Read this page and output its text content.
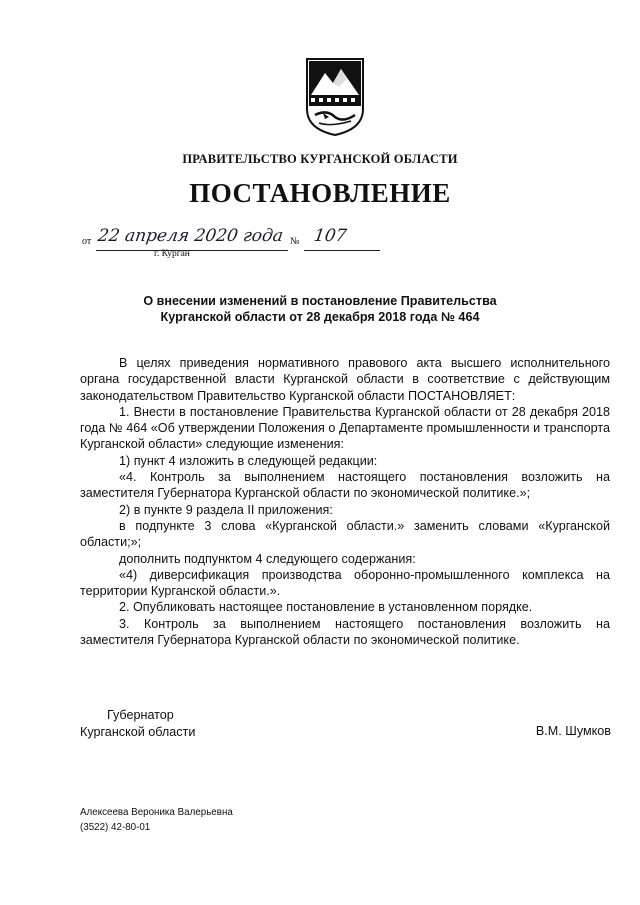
ПРАВИТЕЛЬСТВО КУРГАНСКОЙ ОБЛАСТИ
ПОСТАНОВЛЕНИЕ
от 22 апреля 2020 года № 107
г. Курган
О внесении изменений в постановление Правительства
Курганской области от 28 декабря 2018 года № 464

В целях приведения нормативного правового акта высшего исполнительного органа государственной власти Курганской области в соответствие с действующим законодательством Правительство Курганской области ПОСТАНОВЛЯЕТ:

1. Внести в постановление Правительства Курганской области от 28 декабря 2018 года № 464 «Об утверждении Положения о Департаменте промышленности и транспорта Курганской области» следующие изменения:

1) пункт 4 изложить в следующей редакции:

«4. Контроль за выполнением настоящего постановления возложить на заместителя Губернатора Курганской области по экономической политике.»;

2) в пункте 9 раздела II приложения:

в подпункте 3 слова «Курганской области.» заменить словами «Курганской области;»;

дополнить подпунктом 4 следующего содержания:

«4) диверсификация производства оборонно-промышленного комплекса на территории Курганской области.».

2. Опубликовать настоящее постановление в установленном порядке.

3. Контроль за выполнением настоящего постановления возложить на заместителя Губернатора Курганской области по экономической политике.

Губернатор
Курганской области	В.М. Шумков
Алексеева Вероника Валерьевна
(3522) 42-80-01
